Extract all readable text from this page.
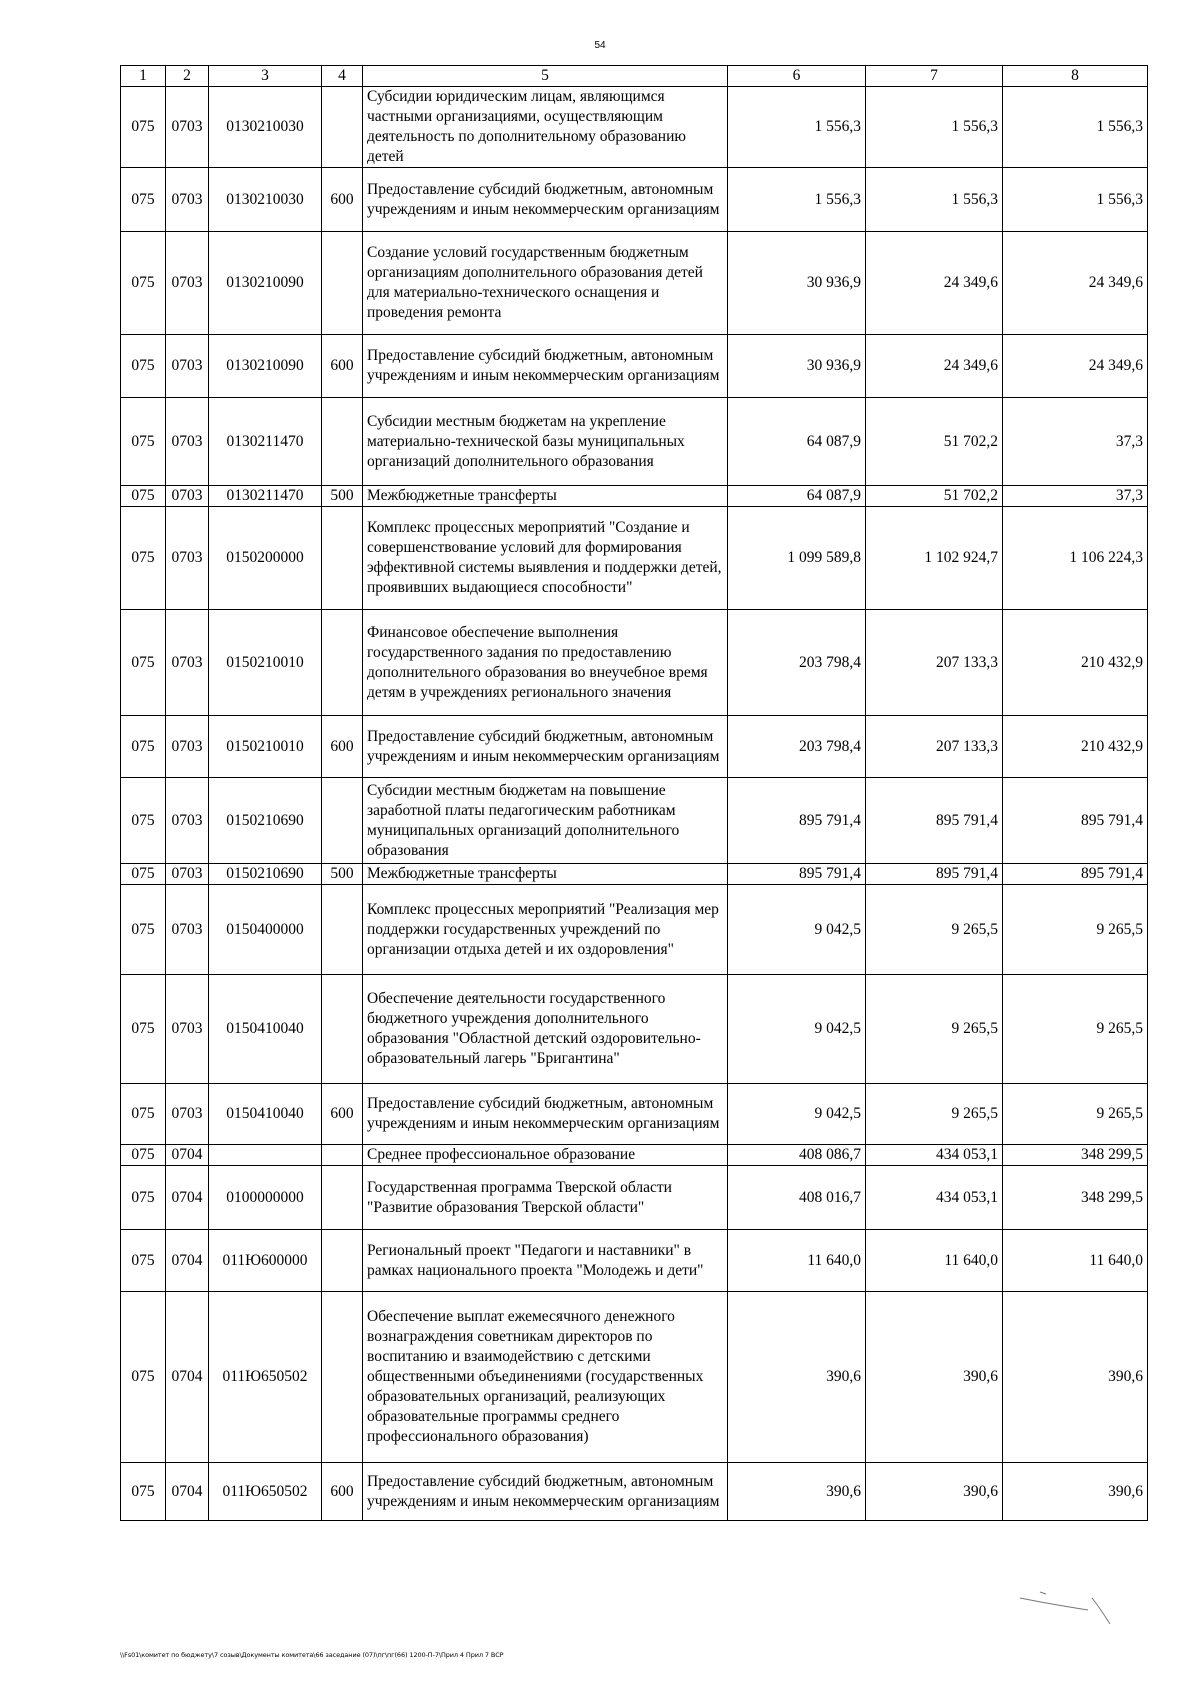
54
1	2	3	4	5	6	7	8
075	0703	0130210030		Субсидии юридическим лицам, являющимся частными организациями, осуществляющим деятельность по дополнительному образованию детей	1 556,3	1 556,3	1 556,3
075	0703	0130210030	600	Предоставление субсидий бюджетным, автономным учреждениям и иным некоммерческим организациям	1 556,3	1 556,3	1 556,3
075	0703	0130210090		Создание условий государственным бюджетным организациям дополнительного образования детей для материально-технического оснащения и проведения ремонта	30 936,9	24 349,6	24 349,6
075	0703	0130210090	600	Предоставление субсидий бюджетным, автономным учреждениям и иным некоммерческим организациям	30 936,9	24 349,6	24 349,6
075	0703	0130211470		Субсидии местным бюджетам на укрепление материально-технической базы муниципальных организаций дополнительного образования	64 087,9	51 702,2	37,3
075	0703	0130211470	500	Межбюджетные трансферты	64 087,9	51 702,2	37,3
075	0703	0150200000		Комплекс процессных мероприятий "Создание и совершенствование условий для формирования эффективной системы выявления и поддержки детей, проявивших выдающиеся способности"	1 099 589,8	1 102 924,7	1 106 224,3
075	0703	0150210010		Финансовое обеспечение выполнения государственного задания по предоставлению дополнительного образования во внеучебное время детям в учреждениях регионального значения	203 798,4	207 133,3	210 432,9
075	0703	0150210010	600	Предоставление субсидий бюджетным, автономным учреждениям и иным некоммерческим организациям	203 798,4	207 133,3	210 432,9
075	0703	0150210690		Субсидии местным бюджетам на повышение заработной платы педагогическим работникам муниципальных организаций дополнительного образования	895 791,4	895 791,4	895 791,4
075	0703	0150210690	500	Межбюджетные трансферты	895 791,4	895 791,4	895 791,4
075	0703	0150400000		Комплекс процессных мероприятий "Реализация мер поддержки государственных учреждений по организации отдыха детей и их оздоровления"	9 042,5	9 265,5	9 265,5
075	0703	0150410040		Обеспечение деятельности государственного бюджетного учреждения дополнительного образования "Областной детский оздоровительно-образовательный лагерь "Бригантина"	9 042,5	9 265,5	9 265,5
075	0703	0150410040	600	Предоставление субсидий бюджетным, автономным учреждениям и иным некоммерческим организациям	9 042,5	9 265,5	9 265,5
075	0704			Среднее профессиональное образование	408 086,7	434 053,1	348 299,5
075	0704	0100000000		Государственная программа Тверской области "Развитие образования Тверской области"	408 016,7	434 053,1	348 299,5
075	0704	011Ю600000		Региональный проект "Педагоги и наставники" в рамках национального проекта "Молодежь и дети"	11 640,0	11 640,0	11 640,0
075	0704	011Ю650502		Обеспечение выплат ежемесячного денежного вознаграждения советникам директоров по воспитанию и взаимодействию с детскими общественными объединениями (государственных образовательных организаций, реализующих образовательные программы среднего профессионального образования)	390,6	390,6	390,6
075	0704	011Ю650502	600	Предоставление субсидий бюджетным, автономным учреждениям и иным некоммерческим организациям	390,6	390,6	390,6
\\Fs01\комитет по бюджету\7 созыв\Документы комитета\66 заседание (07)\пг\пг(66) 1200-П-7\Прил 4 Прил 7 ВСР
